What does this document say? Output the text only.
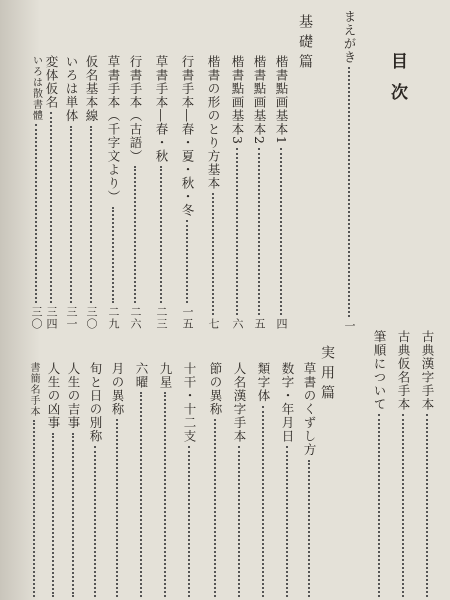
目次
まえがき
一
基礎篇
楷書點画基本1
四
楷書點画基本2
五
楷書點画基本3
六
楷書の形のとり方基本
七
行書手本―春・夏・秋・冬
一五
草書手本―春・秋
二三
行書手本（古語）
二六
草書手本（千字文より）
二九
仮名基本線
三〇
いろは単体
三一
変体仮名
三四
いろは散書體
三〇
実用篇
草書のくずし方
数字・年月日
類字体
人名漢字手本
節の異称
十干・十二支
九星
六曜
月の異称
旬と日の別称
人生の吉事
人生の凶事
書簡名手本	古典漢字手本
古典仮名手本
筆順について
